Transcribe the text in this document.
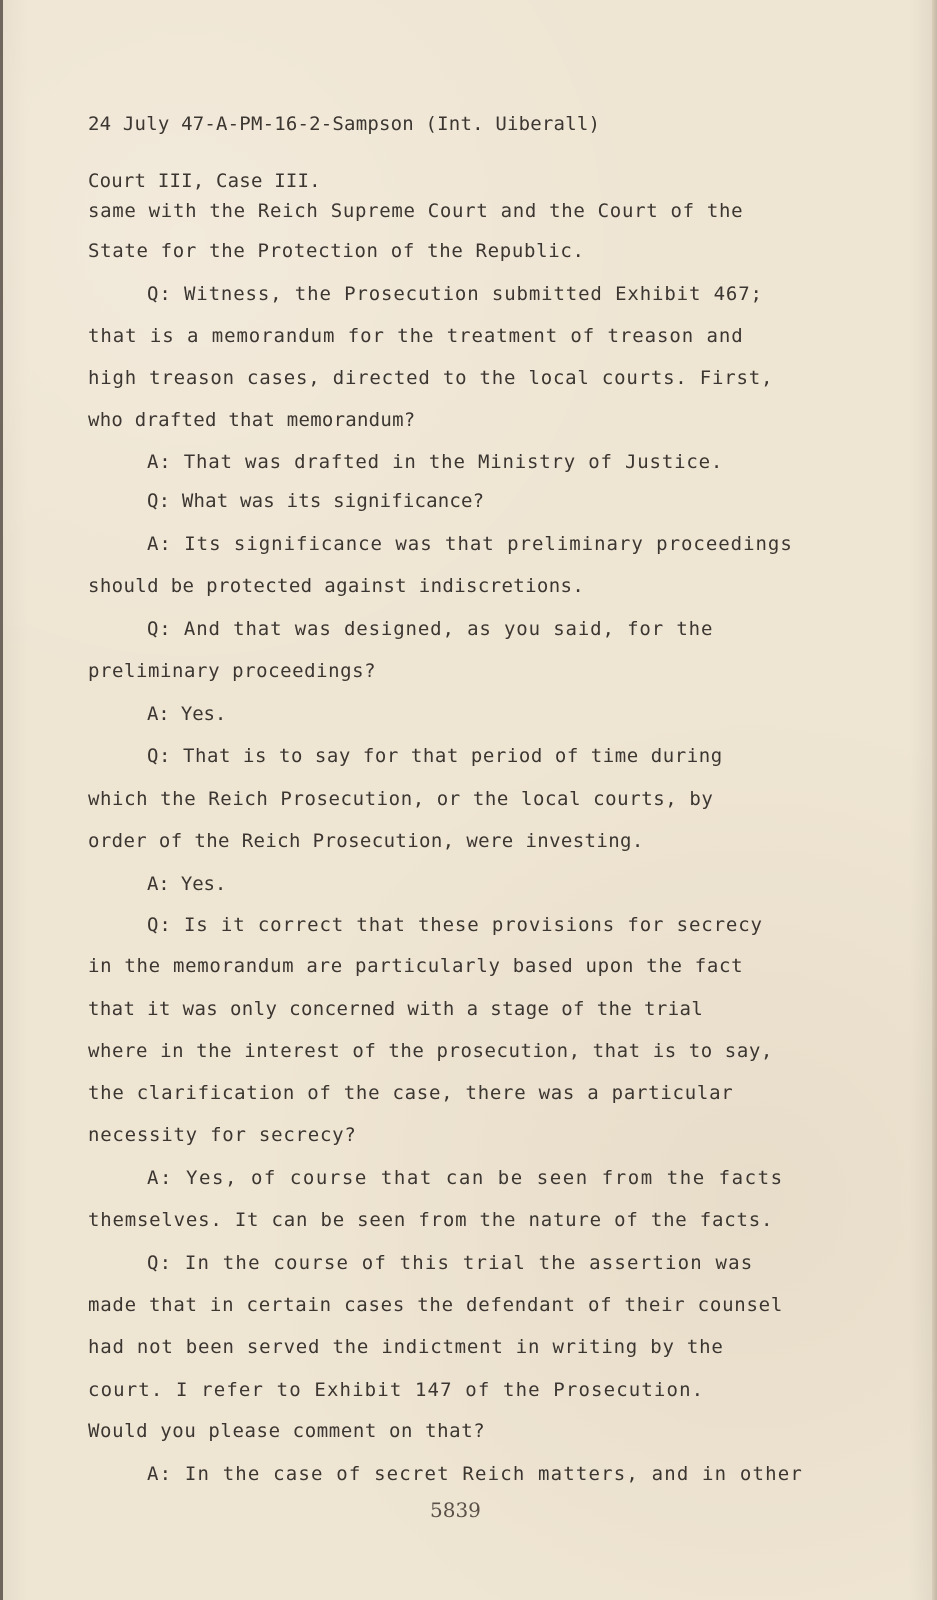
24 July 47-A-PM-16-2-Sampson (Int. Uiberall)

Court III, Case III.

same with the Reich Supreme Court and the Court of the
State for the Protection of the Republic.
Q: Witness, the Prosecution submitted Exhibit 467;
that is a memorandum for the treatment of treason and
high treason cases, directed to the local courts. First,
who drafted that memorandum?
A: That was drafted in the Ministry of Justice.
Q: What was its significance?
A: Its significance was that preliminary proceedings
should be protected against indiscretions.
Q: And that was designed, as you said, for the
preliminary proceedings?
A: Yes.
Q: That is to say for that period of time during
which the Reich Prosecution, or the local courts, by
order of the Reich Prosecution, were investing.
A: Yes.
Q: Is it correct that these provisions for secrecy
in the memorandum are particularly based upon the fact
that it was only concerned with a stage of the trial
where in the interest of the prosecution, that is to say,
the clarification of the case, there was a particular
necessity for secrecy?
A: Yes, of course that can be seen from the facts
themselves. It can be seen from the nature of the facts.
Q: In the course of this trial the assertion was
made that in certain cases the defendant of their counsel
had not been served the indictment in writing by the
court. I refer to Exhibit 147 of the Prosecution.
Would you please comment on that?
A: In the case of secret Reich matters, and in other
5839
